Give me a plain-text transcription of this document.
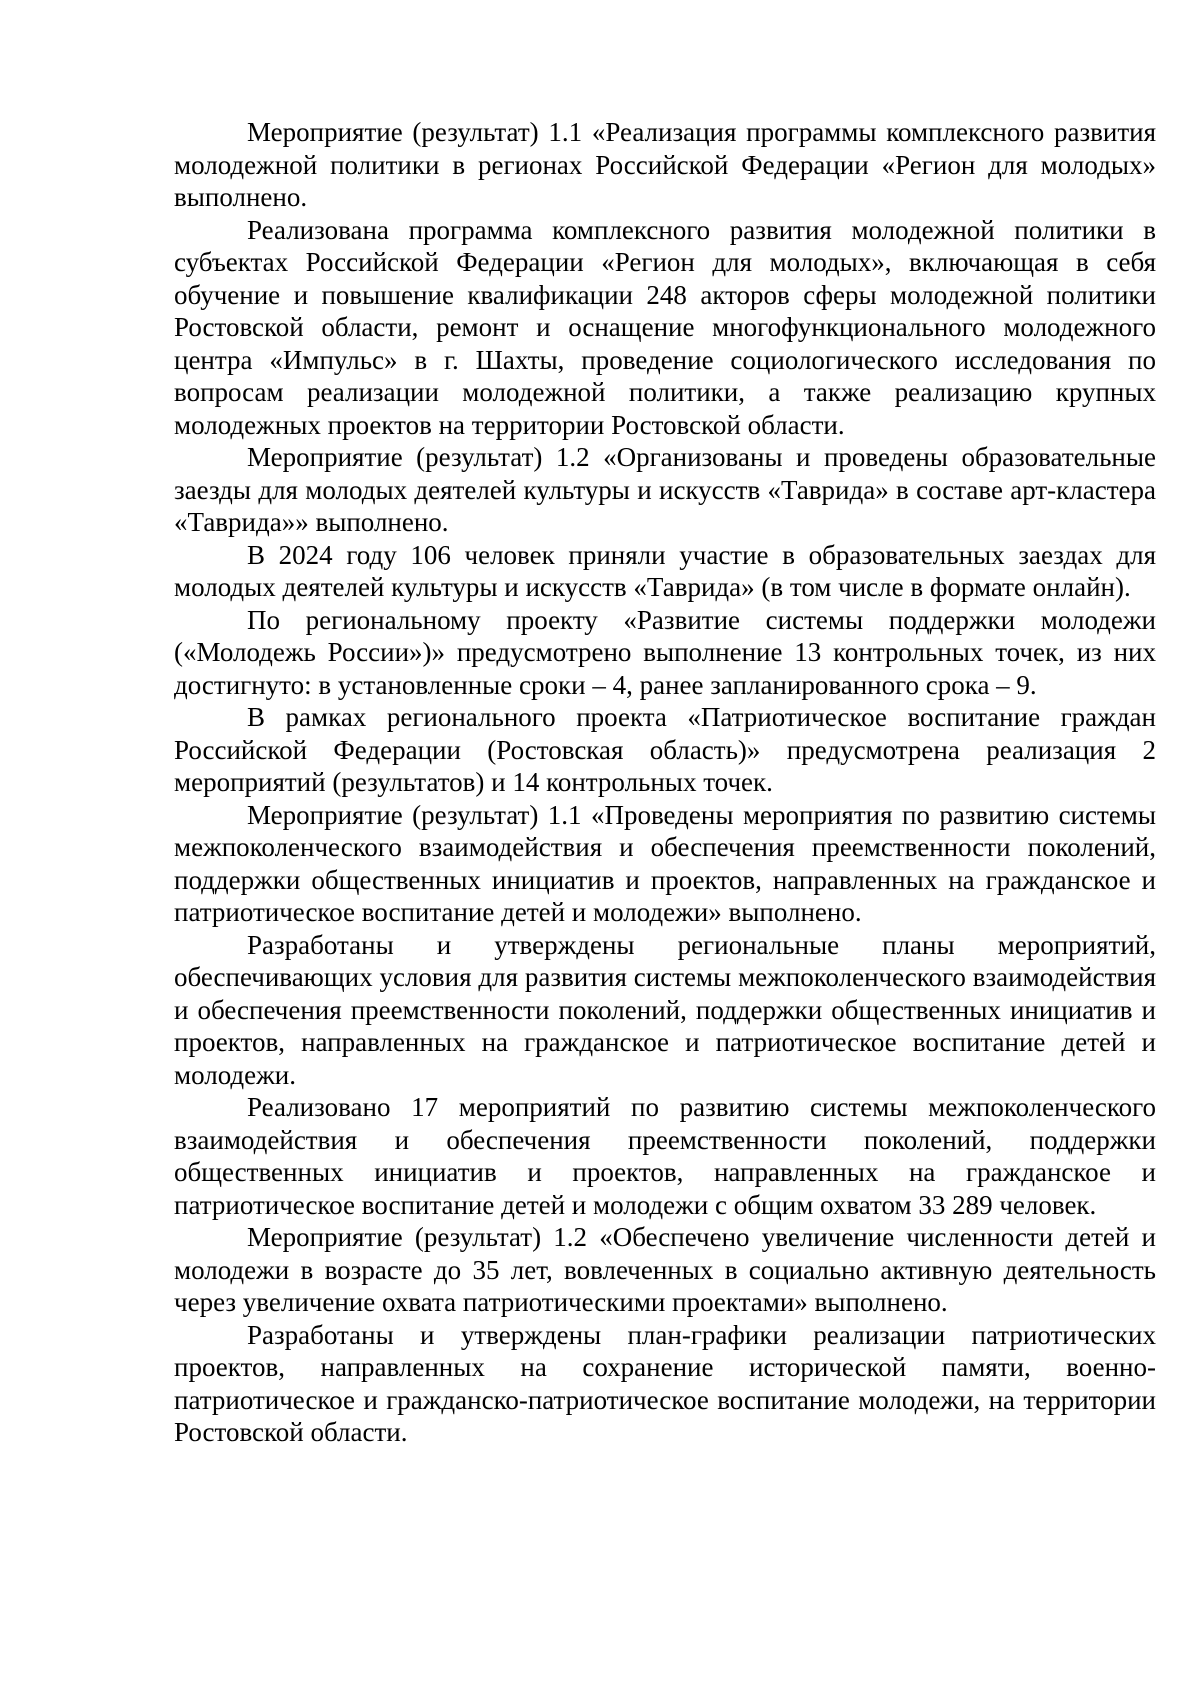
Мероприятие (результат) 1.1 «Реализация программы комплексного развития молодежной политики в регионах Российской Федерации «Регион для молодых» выполнено.

Реализована программа комплексного развития молодежной политики в субъектах Российской Федерации «Регион для молодых», включающая в себя обучение и повышение квалификации 248 акторов сферы молодежной политики Ростовской области, ремонт и оснащение многофункционального молодежного центра «Импульс» в г. Шахты, проведение социологического исследования по вопросам реализации молодежной политики, а также реализацию крупных молодежных проектов на территории Ростовской области.

Мероприятие (результат) 1.2 «Организованы и проведены образовательные заезды для молодых деятелей культуры и искусств «Таврида» в составе арт-кластера «Таврида»» выполнено.

В 2024 году 106 человек приняли участие в образовательных заездах для молодых деятелей культуры и искусств «Таврида» (в том числе в формате онлайн).

По региональному проекту «Развитие системы поддержки молодежи («Молодежь России»)» предусмотрено выполнение 13 контрольных точек, из них достигнуто: в установленные сроки – 4, ранее запланированного срока – 9.

В рамках регионального проекта «Патриотическое воспитание граждан Российской Федерации (Ростовская область)» предусмотрена реализация 2 мероприятий (результатов) и 14 контрольных точек.

Мероприятие (результат) 1.1 «Проведены мероприятия по развитию системы межпоколенческого взаимодействия и обеспечения преемственности поколений, поддержки общественных инициатив и проектов, направленных на гражданское и патриотическое воспитание детей и молодежи» выполнено.

Разработаны и утверждены региональные планы мероприятий, обеспечивающих условия для развития системы межпоколенческого взаимодействия и обеспечения преемственности поколений, поддержки общественных инициатив и проектов, направленных на гражданское и патриотическое воспитание детей и молодежи.

Реализовано 17 мероприятий по развитию системы межпоколенческого взаимодействия и обеспечения преемственности поколений, поддержки общественных инициатив и проектов, направленных на гражданское и патриотическое воспитание детей и молодежи с общим охватом 33 289 человек.

Мероприятие (результат) 1.2 «Обеспечено увеличение численности детей и молодежи в возрасте до 35 лет, вовлеченных в социально активную деятельность через увеличение охвата патриотическими проектами» выполнено.

Разработаны и утверждены план-графики реализации патриотических проектов, направленных на сохранение исторической памяти, военно-патриотическое и гражданско-патриотическое воспитание молодежи, на территории Ростовской области.
